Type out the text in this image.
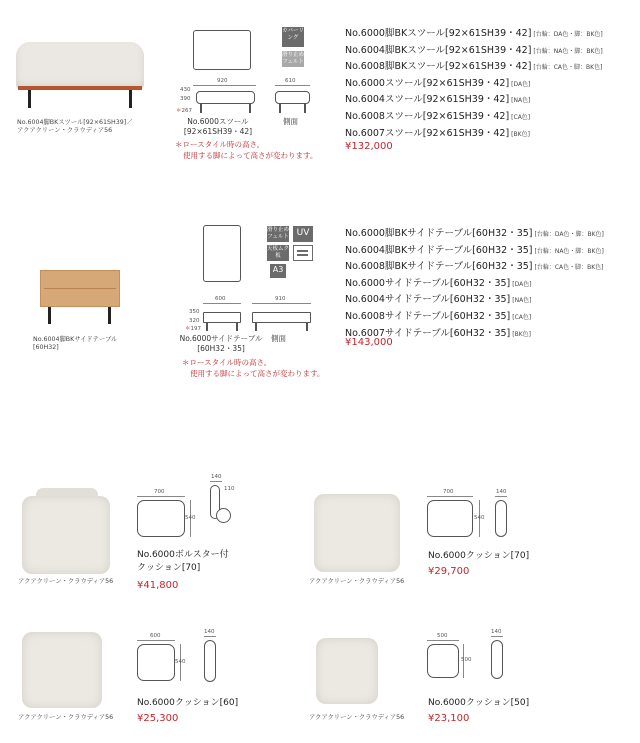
No.6004脚BKスツール[92×61SH39]／
アクアクリーン・クラウディア56
カバーリング
滑り止めフェルト
920	610
430
390
＊267
No.6000スツール
[92×61SH39・42]
側面
＊ロースタイル時の高さ。
使用する脚によって高さが変わります。
No.6000脚BKスツール[92×61SH39・42] [台輪：DA色・脚：BK色]
No.6004脚BKスツール[92×61SH39・42] [台輪：NA色・脚：BK色]
No.6008脚BKスツール[92×61SH39・42] [台輪：CA色・脚：BK色]
No.6000スツール[92×61SH39・42] [DA色]
No.6004スツール[92×61SH39・42] [NA色]
No.6008スツール[92×61SH39・42] [CA色]
No.6007スツール[92×61SH39・42] [BK色]
¥132,000
No.6004脚BKサイドテーブル
[60H32]
滑り止めフェルト UV
天板ムク板
A3
600	910
350
320
＊197
No.6000サイドテーブル
[60H32・35]
側面
＊ロースタイル時の高さ。
使用する脚によって高さが変わります。
No.6000脚BKサイドテーブル[60H32・35] [台輪：DA色・脚：BK色]
No.6004脚BKサイドテーブル[60H32・35] [台輪：NA色・脚：BK色]
No.6008脚BKサイドテーブル[60H32・35] [台輪：CA色・脚：BK色]
No.6000サイドテーブル[60H32・35] [DA色]
No.6004サイドテーブル[60H32・35] [NA色]
No.6008サイドテーブル[60H32・35] [CA色]
No.6007サイドテーブル[60H32・35] [BK色]
¥143,000
アクアクリーン・クラウディア56
700
540
140
110
No.6000ボルスター付
クッション[70]
¥41,800	アクアクリーン・クラウディア56
700
540
140
No.6000クッション[70]
¥29,700
アクアクリーン・クラウディア56
600
540
140
No.6000クッション[60]
¥25,300	アクアクリーン・クラウディア56
500
500
140
No.6000クッション[50]
¥23,100
